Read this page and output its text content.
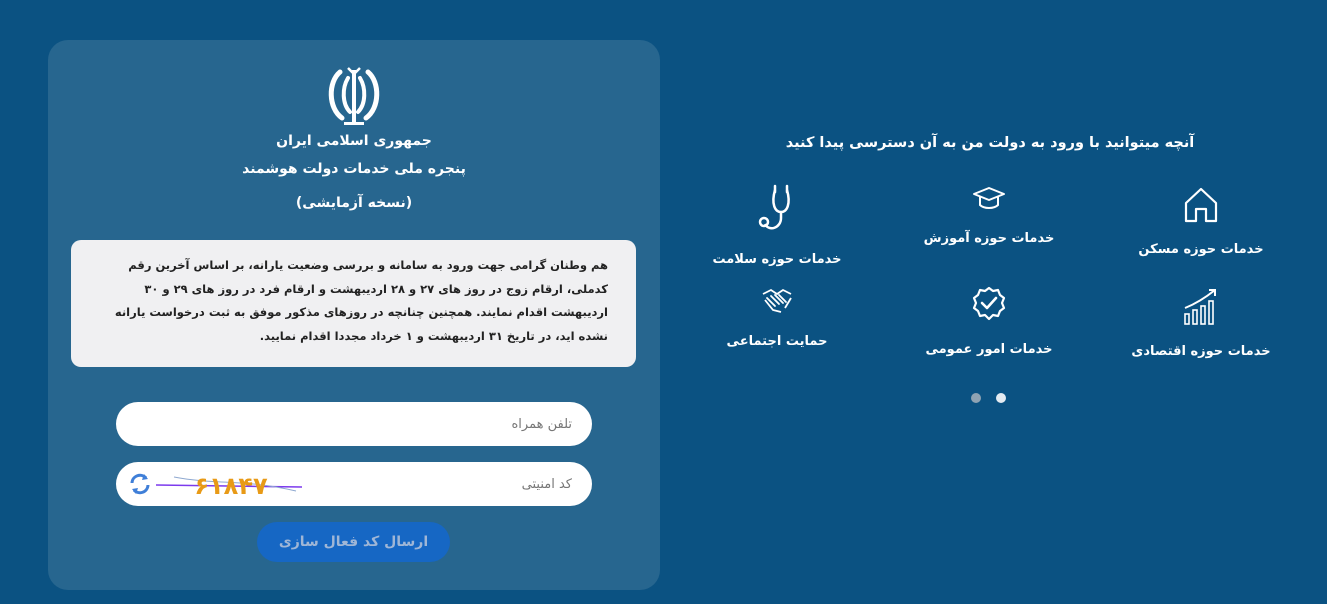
جمهوری اسلامی ایران
پنجره ملی خدمات دولت هوشمند
(نسخه آزمایشی)
هم وطنان گرامی جهت ورود به سامانه و بررسی وضعیت یارانه، بر اساس آخرین رقم کدملی، ارقام زوج در روز های ۲۷ و ۲۸ اردیبهشت و ارقام فرد در روز های ۲۹ و ۳۰ اردیبهشت اقدام نمایند. همچنین چنانچه در روزهای مذکور موفق به ثبت درخواست یارانه نشده اید، در تاریخ ۳۱ اردیبهشت و ۱ خرداد مجددا اقدام نمایید.
تلفن همراه
کد امنیتی
۶۱۸۴۷
ارسال کد فعال سازی
آنچه میتوانید با ورود به دولت من به آن دسترسی پیدا کنید
خدمات حوزه مسکن
خدمات حوزه آموزش
خدمات حوزه سلامت
خدمات حوزه اقتصادی
خدمات امور عمومی
حمایت اجتماعی
